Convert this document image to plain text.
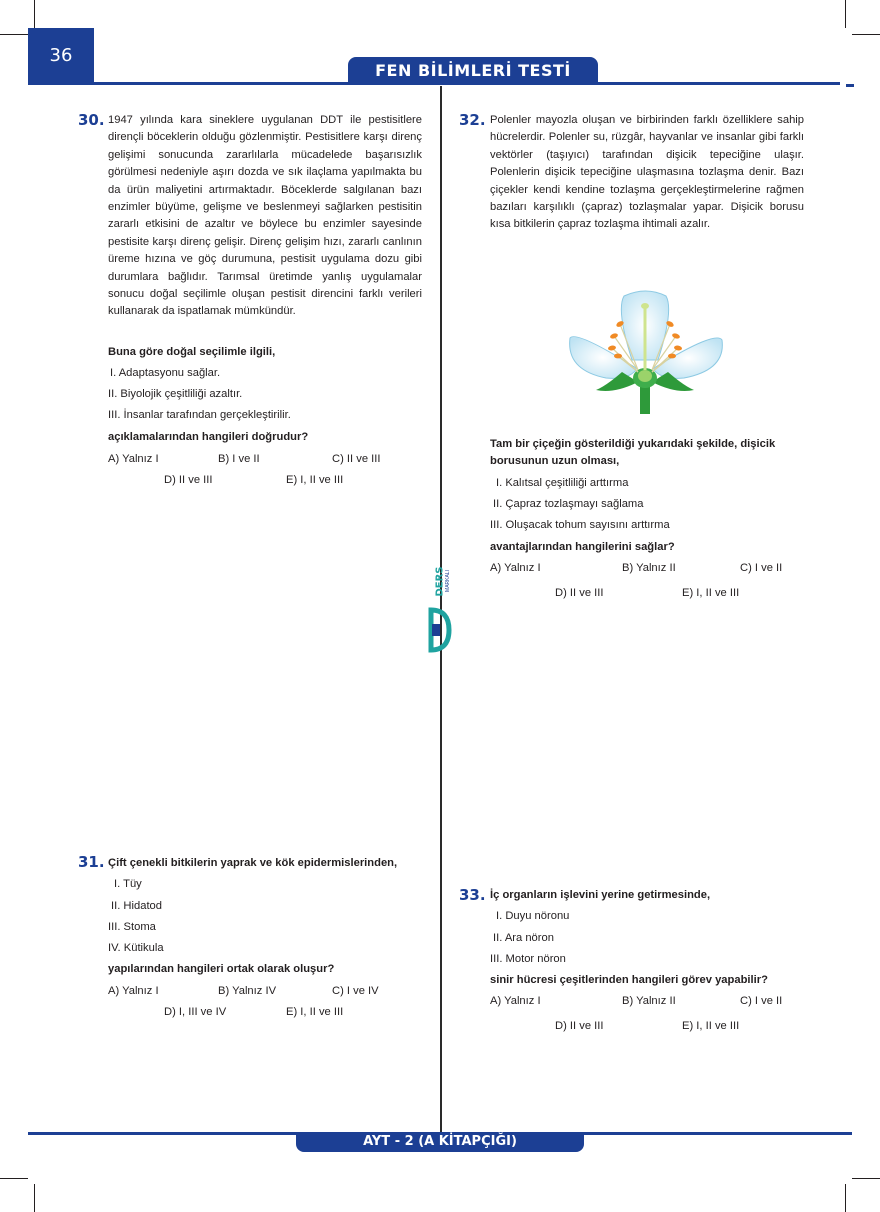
36
FEN BİLİMLERİ TESTİ
DERS MARKALI
30. 1947 yılında kara sineklere uygulanan DDT ile pestisitlere dirençli böceklerin olduğu gözlenmiştir. Pestisitlere karşı direnç gelişimi sonucunda zararlılarla mücadelede başarısızlık görülmesi nedeniyle aşırı dozda ve sık ilaçlama yapılmakta bu da ürün maliyetini artırmaktadır. Böceklerde salgılanan bazı enzimler büyüme, gelişme ve beslenmeyi sağlarken pestisitin zararlı etkisini de azaltır ve böylece bu enzimler sayesinde pestisite karşı direnç gelişir. Direnç gelişim hızı, zararlı canlının üreme hızına ve göç durumuna, pestisit uygulama dozu gibi durumlara bağlıdır. Tarımsal üretimde yanlış uygulamalar sonucu doğal seçilimle oluşan pestisit direncini farklı verileri kullanarak da ispatlamak mümkündür.
Buna göre doğal seçilimle ilgili,
I. Adaptasyonu sağlar.
II. Biyolojik çeşitliliği azaltır.
III. İnsanlar tarafından gerçekleştirilir.
açıklamalarından hangileri doğrudur?
A) Yalnız I	B) I ve II	C) II ve III
D) II ve III	E) I, II ve III
31. Çift çenekli bitkilerin yaprak ve kök epidermislerinden,
I. Tüy
II. Hidatod
III. Stoma
IV. Kütikula
yapılarından hangileri ortak olarak oluşur?
A) Yalnız I	B) Yalnız IV	C) I ve IV
D) I, III ve IV	E) I, II ve III
32. Polenler mayozla oluşan ve birbirinden farklı özelliklere sahip hücrelerdir. Polenler su, rüzgâr, hayvanlar ve insanlar gibi farklı vektörler (taşıyıcı) tarafından dişicik tepeciğine ulaşır. Polenlerin dişicik tepeciğine ulaşmasına tozlaşma denir. Bazı çiçekler kendi kendine tozlaşma gerçekleştirmelerine rağmen bazıları karşılıklı (çapraz) tozlaşmalar yapar. Dişicik borusu kısa bitkilerin çapraz tozlaşma ihtimali azalır.
Tam bir çiçeğin gösterildiği yukarıdaki şekilde, dişicik borusunun uzun olması,
I. Kalıtsal çeşitliliği arttırma
II. Çapraz tozlaşmayı sağlama
III. Oluşacak tohum sayısını arttırma
avantajlarından hangilerini sağlar?
A) Yalnız I	B) Yalnız II	C) I ve II
D) II ve III	E) I, II ve III
33. İç organların işlevini yerine getirmesinde,
I. Duyu nöronu
II. Ara nöron
III. Motor nöron
sinir hücresi çeşitlerinden hangileri görev yapabilir?
A) Yalnız I	B) Yalnız II	C) I ve II
D) II ve III	E) I, II ve III
AYT - 2 (A KİTAPÇIĞI)
